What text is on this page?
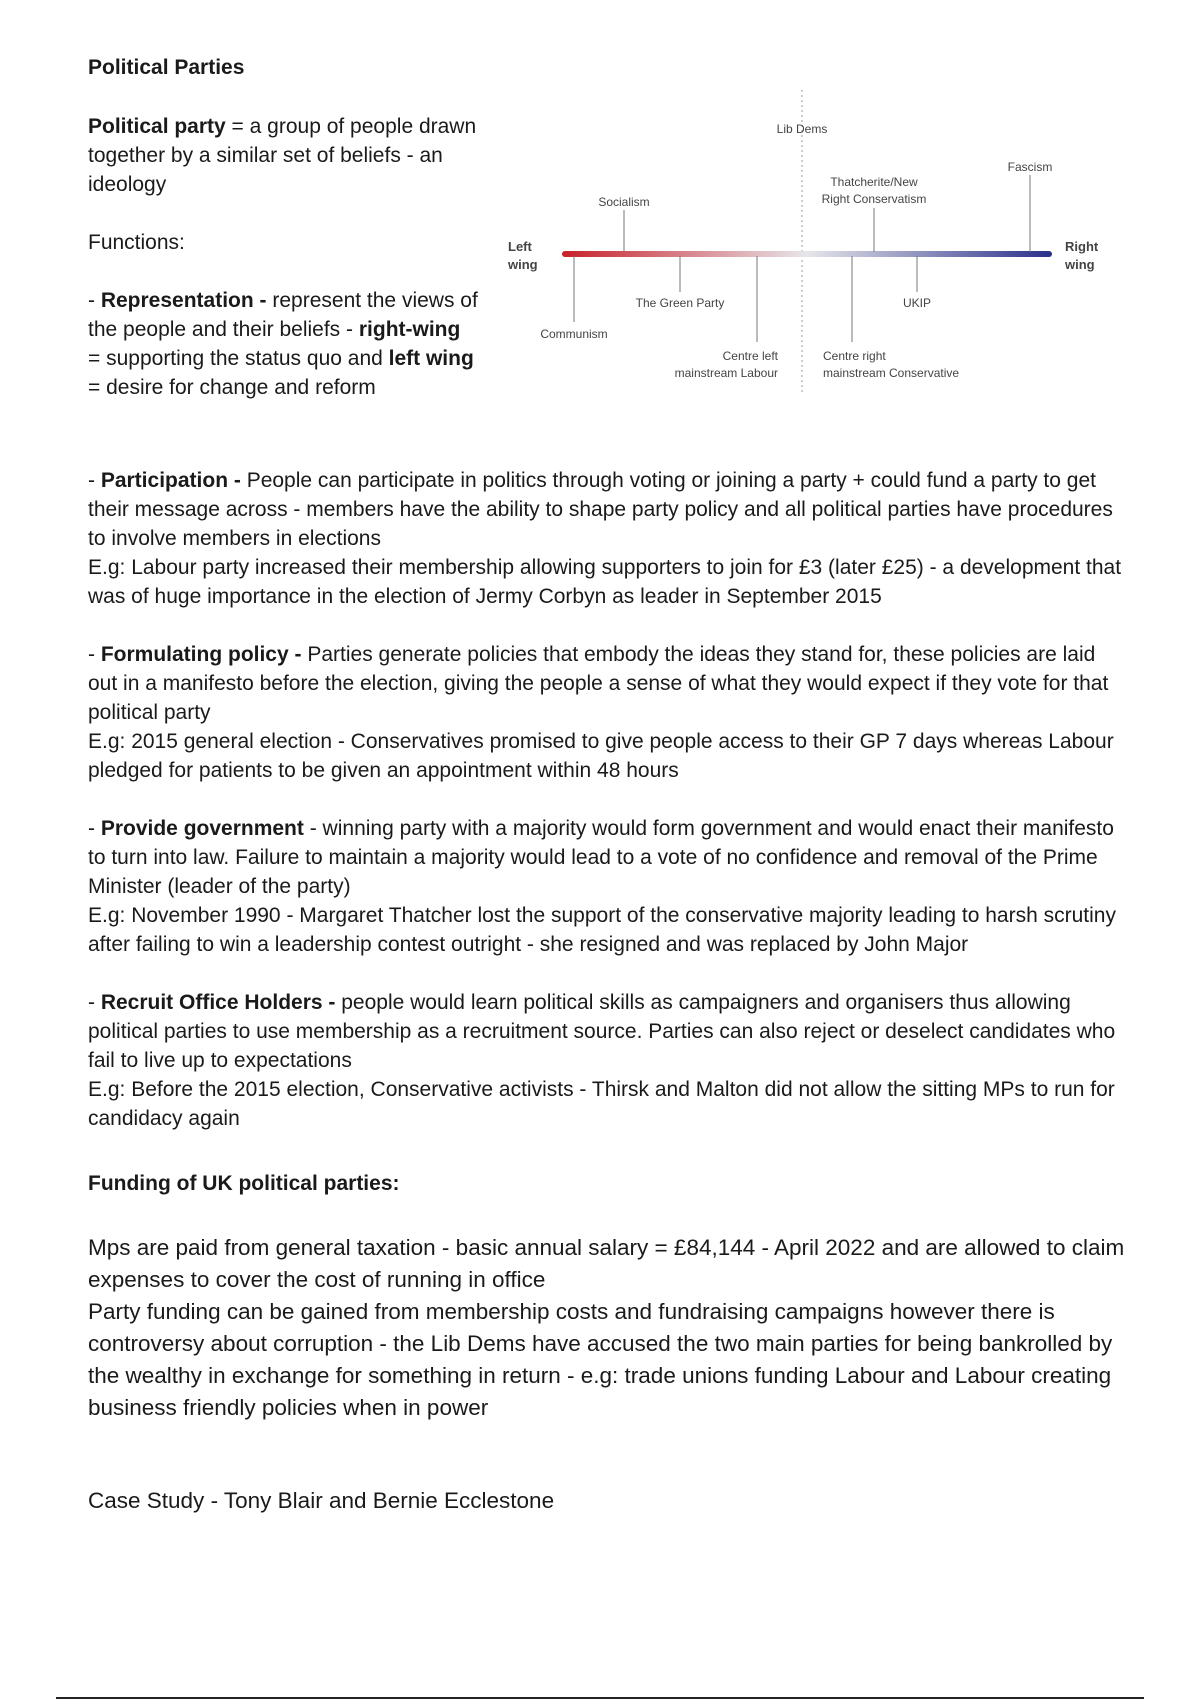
Political Parties

Political party = a group of people drawn together by a similar set of beliefs - an ideology

Functions:

- Representation - represent the views of the people and their beliefs - right-wing = supporting the status quo and left wing = desire for change and reform

Left
wing
Right
wing
Socialism
Lib Dems
Thatcherite/New
Right Conservatism
Fascism
Communism
The Green Party
Centre left
mainstream Labour
Centre right
mainstream Conservative
UKIP

- Participation - People can participate in politics through voting or joining a party + could fund a party to get their message across - members have the ability to shape party policy and all political parties have procedures to involve members in elections

E.g: Labour party increased their membership allowing supporters to join for £3 (later £25) - a development that was of huge importance in the election of Jermy Corbyn as leader in September 2015

- Formulating policy - Parties generate policies that embody the ideas they stand for, these policies are laid out in a manifesto before the election, giving the people a sense of what they would expect if they vote for that political party

E.g: 2015 general election - Conservatives promised to give people access to their GP 7 days whereas Labour pledged for patients to be given an appointment within 48 hours

- Provide government - winning party with a majority would form government and would enact their manifesto to turn into law. Failure to maintain a majority would lead to a vote of no confidence and removal of the Prime Minister (leader of the party)

E.g: November 1990 - Margaret Thatcher lost the support of the conservative majority leading to harsh scrutiny after failing to win a leadership contest outright - she resigned and was replaced by John Major

- Recruit Office Holders - people would learn political skills as campaigners and organisers thus allowing political parties to use membership as a recruitment source. Parties can also reject or deselect candidates who fail to live up to expectations

E.g: Before the 2015 election, Conservative activists - Thirsk and Malton did not allow the sitting MPs to run for candidacy again

Funding of UK political parties:

Mps are paid from general taxation - basic annual salary = £84,144 - April 2022 and are allowed to claim expenses to cover the cost of running in office

Party funding can be gained from membership costs and fundraising campaigns however there is controversy about corruption - the Lib Dems have accused the two main parties for being bankrolled by the wealthy in exchange for something in return - e.g: trade unions funding Labour and Labour creating business friendly policies when in power

Case Study - Tony Blair and Bernie Ecclestone
